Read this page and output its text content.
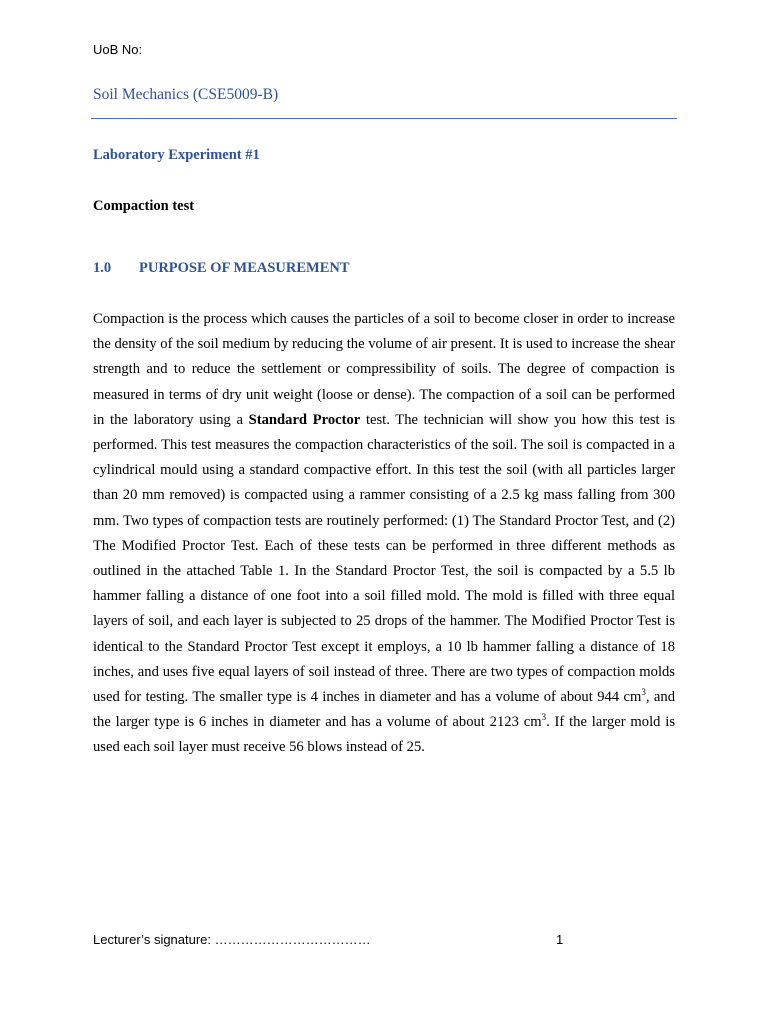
UoB No:
Soil Mechanics (CSE5009-B)
Laboratory Experiment #1
Compaction test
1.0 PURPOSE OF MEASUREMENT

Compaction is the process which causes the particles of a soil to become closer in order to increase the density of the soil medium by reducing the volume of air present. It is used to increase the shear strength and to reduce the settlement or compressibility of soils. The degree of compaction is measured in terms of dry unit weight (loose or dense). The compaction of a soil can be performed in the laboratory using a Standard Proctor test. The technician will show you how this test is performed. This test measures the compaction characteristics of the soil. The soil is compacted in a cylindrical mould using a standard compactive effort. In this test the soil (with all particles larger than 20 mm removed) is compacted using a rammer consisting of a 2.5 kg mass falling from 300 mm. Two types of compaction tests are routinely performed: (1) The Standard Proctor Test, and (2) The Modified Proctor Test. Each of these tests can be performed in three different methods as outlined in the attached Table 1. In the Standard Proctor Test, the soil is compacted by a 5.5 lb hammer falling a distance of one foot into a soil filled mold. The mold is filled with three equal layers of soil, and each layer is subjected to 25 drops of the hammer. The Modified Proctor Test is identical to the Standard Proctor Test except it employs, a 10 lb hammer falling a distance of 18 inches, and uses five equal layers of soil instead of three. There are two types of compaction molds used for testing. The smaller type is 4 inches in diameter and has a volume of about 944 $cm^3$, and the larger type is 6 inches in diameter and has a volume of about 2123 $cm^3$. If the larger mold is used each soil layer must receive 56 blows instead of 25.

Lecturer’s signature: ………………………………	1
